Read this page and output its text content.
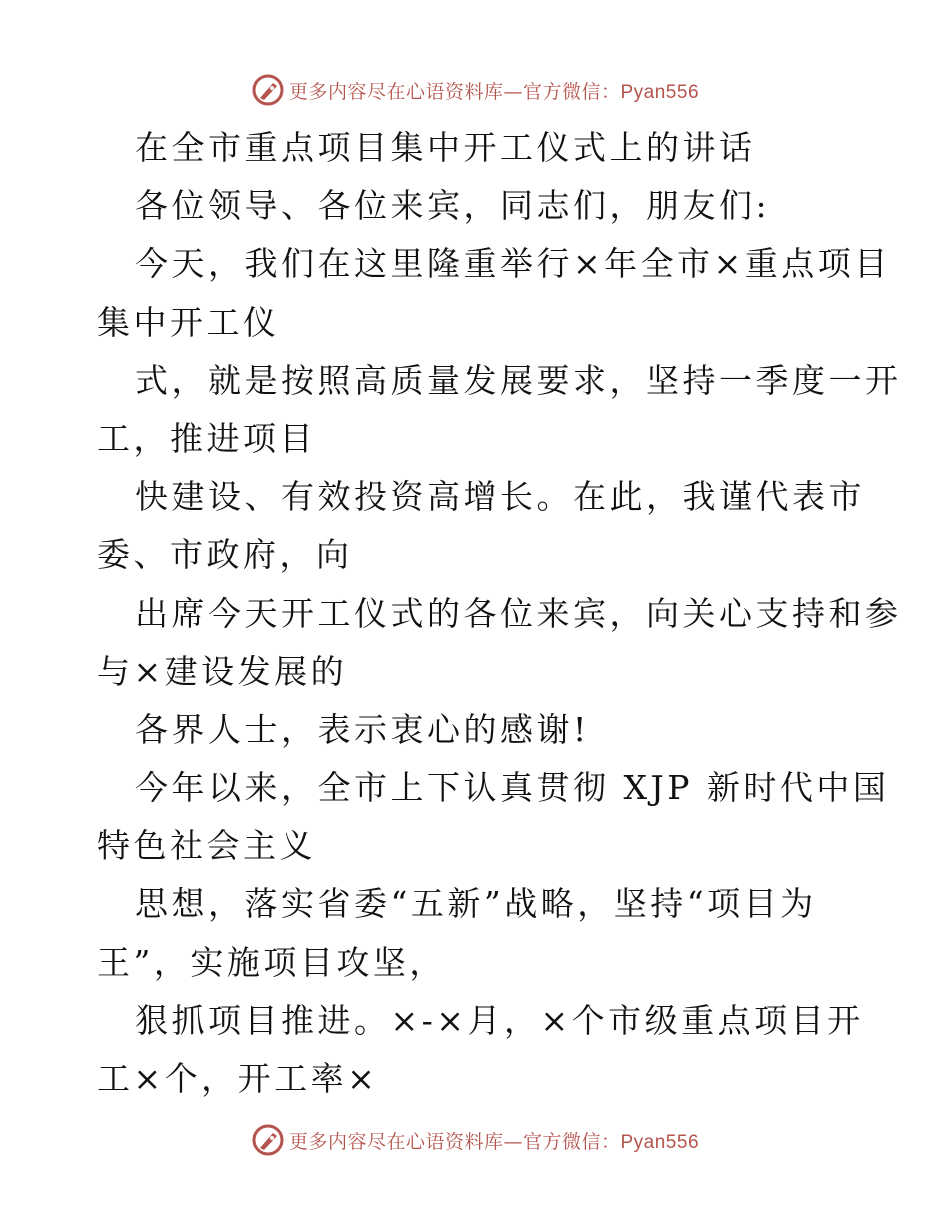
更多内容尽在心语资料库—官方微信：Pyan556
在全市重点项目集中开工仪式上的讲话
各位领导、各位来宾，同志们，朋友们:
今天，我们在这里隆重举行×年全市×重点项目
集中开工仪
式，就是按照高质量发展要求，坚持一季度一开
工，推进项目
快建设、有效投资高增长。在此，我谨代表市
委、市政府，向
出席今天开工仪式的各位来宾，向关心支持和参
与×建设发展的
各界人士，表示衷心的感谢!
今年以来，全市上下认真贯彻 XJP 新时代中国
特色社会主义
思想，落实省委“五新”战略，坚持“项目为
王”，实施项目攻坚，
狠抓项目推进。×-×月，×个市级重点项目开
工×个，开工率×
更多内容尽在心语资料库—官方微信：Pyan556
